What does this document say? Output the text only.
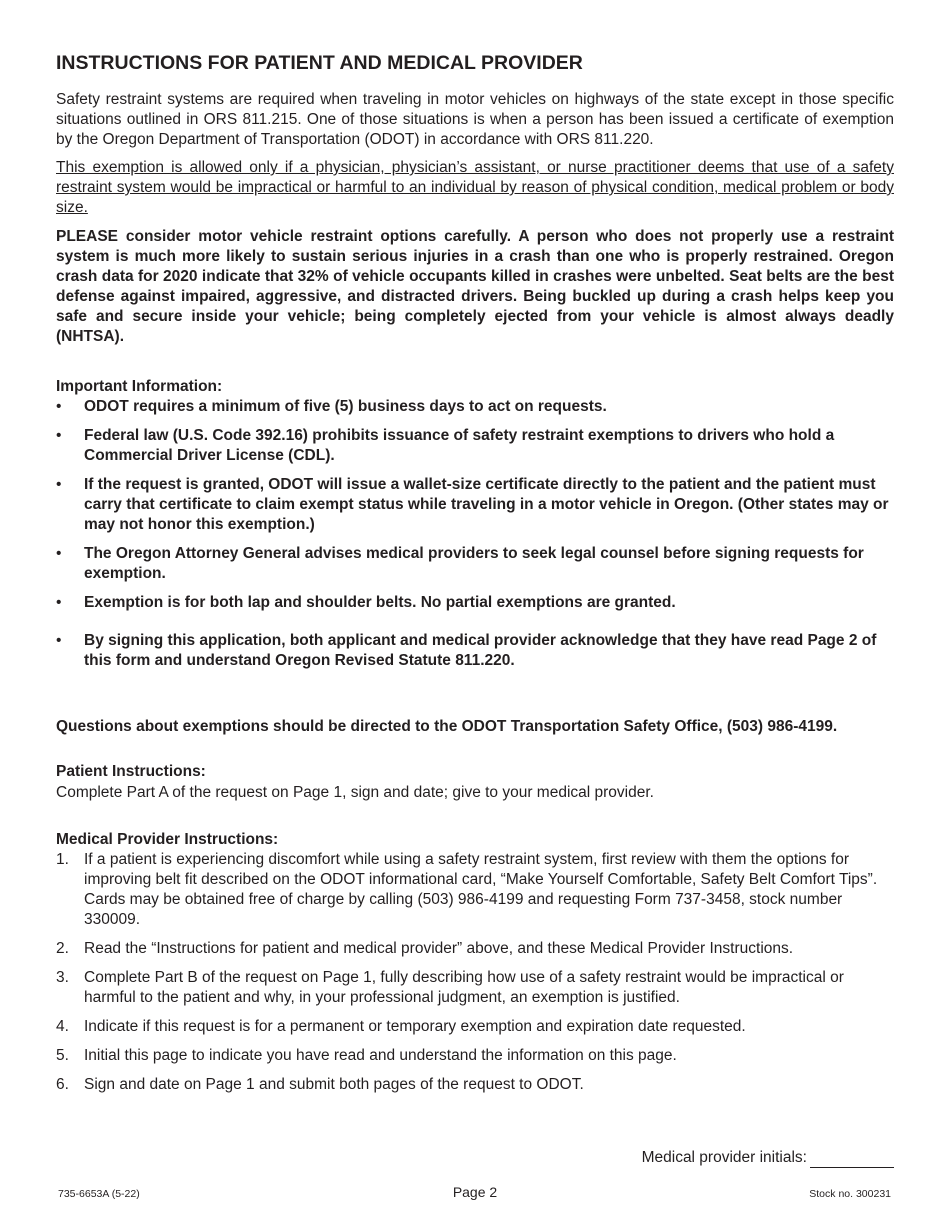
INSTRUCTIONS FOR PATIENT AND MEDICAL PROVIDER

Safety restraint systems are required when traveling in motor vehicles on highways of the state except in those specific situations outlined in ORS 811.215. One of those situations is when a person has been issued a certificate of exemption by the Oregon Department of Transportation (ODOT) in accordance with ORS 811.220.

This exemption is allowed only if a physician, physician’s assistant, or nurse practitioner deems that use of a safety restraint system would be impractical or harmful to an individual by reason of physical condition, medical problem or body size.

PLEASE consider motor vehicle restraint options carefully. A person who does not properly use a restraint system is much more likely to sustain serious injuries in a crash than one who is properly restrained. Oregon crash data for 2020 indicate that 32% of vehicle occupants killed in crashes were unbelted. Seat belts are the best defense against impaired, aggressive, and distracted drivers. Being buckled up during a crash helps keep you safe and secure inside your vehicle; being completely ejected from your vehicle is almost always deadly (NHTSA).

Important Information:

• ODOT requires a minimum of five (5) business days to act on requests.
• Federal law (U.S. Code 392.16) prohibits issuance of safety restraint exemptions to drivers who hold a Commercial Driver License (CDL).
• If the request is granted, ODOT will issue a wallet-size certificate directly to the patient and the patient must carry that certificate to claim exempt status while traveling in a motor vehicle in Oregon. (Other states may or may not honor this exemption.)
• The Oregon Attorney General advises medical providers to seek legal counsel before signing requests for exemption.
• Exemption is for both lap and shoulder belts. No partial exemptions are granted.
• By signing this application, both applicant and medical provider acknowledge that they have read Page 2 of this form and understand Oregon Revised Statute 811.220.

Questions about exemptions should be directed to the ODOT Transportation Safety Office, (503) 986-4199.

Patient Instructions:

Complete Part A of the request on Page 1, sign and date; give to your medical provider.

Medical Provider Instructions:

1. If a patient is experiencing discomfort while using a safety restraint system, first review with them the options for improving belt fit described on the ODOT informational card, “Make Yourself Comfortable, Safety Belt Comfort Tips”. Cards may be obtained free of charge by calling (503) 986-4199 and requesting Form 737-3458, stock number 330009.
2. Read the “Instructions for patient and medical provider” above, and these Medical Provider Instructions.
3. Complete Part B of the request on Page 1, fully describing how use of a safety restraint would be impractical or harmful to the patient and why, in your professional judgment, an exemption is justified.
4. Indicate if this request is for a permanent or temporary exemption and expiration date requested.
5. Initial this page to indicate you have read and understand the information on this page.
6. Sign and date on Page 1 and submit both pages of the request to ODOT.
Medical provider initials:
735-6653A (5-22)	Page 2	Stock no. 300231
